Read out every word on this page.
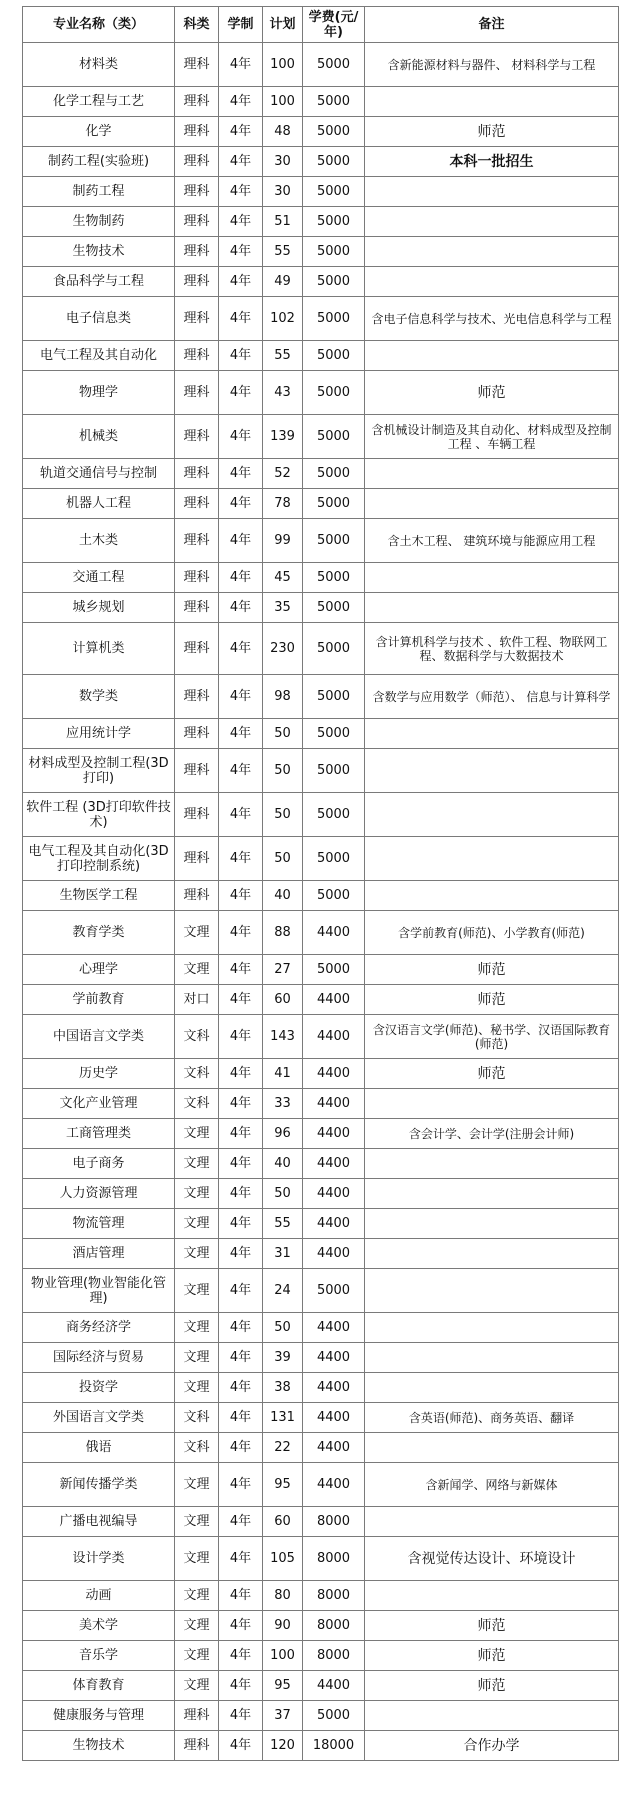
专业名称（类）	科类	学制	计划	学费(元/年)	备注
材料类	理科	4年	100	5000	含新能源材料与器件、 材料科学与工程
化学工程与工艺	理科	4年	100	5000	
化学	理科	4年	48	5000	师范
制药工程(实验班)	理科	4年	30	5000	本科一批招生
制药工程	理科	4年	30	5000	
生物制药	理科	4年	51	5000	
生物技术	理科	4年	55	5000	
食品科学与工程	理科	4年	49	5000	
电子信息类	理科	4年	102	5000	含电子信息科学与技术、光电信息科学与工程
电气工程及其自动化	理科	4年	55	5000	
物理学	理科	4年	43	5000	师范
机械类	理科	4年	139	5000	含机械设计制造及其自动化、材料成型及控制工程 、车辆工程
轨道交通信号与控制	理科	4年	52	5000	
机器人工程	理科	4年	78	5000	
土木类	理科	4年	99	5000	含土木工程、 建筑环境与能源应用工程
交通工程	理科	4年	45	5000	
城乡规划	理科	4年	35	5000	
计算机类	理科	4年	230	5000	含计算机科学与技术 、软件工程、物联网工程、数据科学与大数据技术
数学类	理科	4年	98	5000	含数学与应用数学（师范）、 信息与计算科学
应用统计学	理科	4年	50	5000	
材料成型及控制工程(3D打印)	理科	4年	50	5000	
软件工程 (3D打印软件技术)	理科	4年	50	5000	
电气工程及其自动化(3D打印控制系统)	理科	4年	50	5000	
生物医学工程	理科	4年	40	5000	
教育学类	文理	4年	88	4400	含学前教育(师范)、小学教育(师范)
心理学	文理	4年	27	5000	师范
学前教育	对口	4年	60	4400	师范
中国语言文学类	文科	4年	143	4400	含汉语言文学(师范)、秘书学、汉语国际教育(师范)
历史学	文科	4年	41	4400	师范
文化产业管理	文科	4年	33	4400	
工商管理类	文理	4年	96	4400	含会计学、会计学(注册会计师)
电子商务	文理	4年	40	4400	
人力资源管理	文理	4年	50	4400	
物流管理	文理	4年	55	4400	
酒店管理	文理	4年	31	4400	
物业管理(物业智能化管理)	文理	4年	24	5000	
商务经济学	文理	4年	50	4400	
国际经济与贸易	文理	4年	39	4400	
投资学	文理	4年	38	4400	
外国语言文学类	文科	4年	131	4400	含英语(师范)、商务英语、翻译
俄语	文科	4年	22	4400	
新闻传播学类	文理	4年	95	4400	含新闻学、网络与新媒体
广播电视编导	文理	4年	60	8000	
设计学类	文理	4年	105	8000	含视觉传达设计、环境设计
动画	文理	4年	80	8000	
美术学	文理	4年	90	8000	师范
音乐学	文理	4年	100	8000	师范
体育教育	文理	4年	95	4400	师范
健康服务与管理	理科	4年	37	5000	
生物技术	理科	4年	120	18000	合作办学
